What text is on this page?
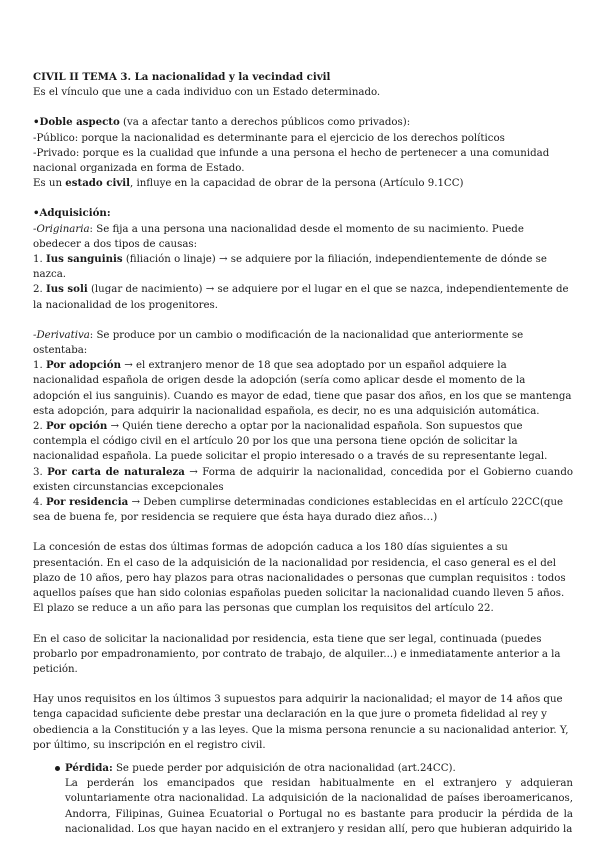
CIVIL II TEMA 3. La nacionalidad y la vecindad civil

Es el vínculo que une a cada individuo con un Estado determinado.

•Doble aspecto (va a afectar tanto a derechos públicos como privados):

-Público: porque la nacionalidad es determinante para el ejercicio de los derechos políticos

-Privado: porque es la cualidad que infunde a una persona el hecho de pertenecer a una comunidad nacional organizada en forma de Estado.

Es un estado civil, influye en la capacidad de obrar de la persona (Artículo 9.1CC)

•Adquisición:

-Originaria: Se fija a una persona una nacionalidad desde el momento de su nacimiento. Puede obedecer a dos tipos de causas:

1. Ius sanguinis (filiación o linaje) → se adquiere por la filiación, independientemente de dónde se nazca.

2. Ius soli (lugar de nacimiento) → se adquiere por el lugar en el que se nazca, independientemente de la nacionalidad de los progenitores.

-Derivativa: Se produce por un cambio o modificación de la nacionalidad que anteriormente se ostentaba:

1. Por adopción → el extranjero menor de 18 que sea adoptado por un español adquiere la nacionalidad española de origen desde la adopción (sería como aplicar desde el momento de la adopción el ius sanguinis). Cuando es mayor de edad, tiene que pasar dos años, en los que se mantenga esta adopción, para adquirir la nacionalidad española, es decir, no es una adquisición automática.

2. Por opción → Quién tiene derecho a optar por la nacionalidad española. Son supuestos que contempla el código civil en el artículo 20 por los que una persona tiene opción de solicitar la nacionalidad española. La puede solicitar el propio interesado o a través de su representante legal.

3. Por carta de naturaleza → Forma de adquirir la nacionalidad, concedida por el Gobierno cuando existen circunstancias excepcionales

4. Por residencia → Deben cumplirse determinadas condiciones establecidas en el artículo 22CC(que sea de buena fe, por residencia se requiere que ésta haya durado diez años…)

La concesión de estas dos últimas formas de adopción caduca a los 180 días siguientes a su presentación. En el caso de la adquisición de la nacionalidad por residencia, el caso general es el del plazo de 10 años, pero hay plazos para otras nacionalidades o personas que cumplan requisitos : todos aquellos países que han sido colonias españolas pueden solicitar la nacionalidad cuando lleven 5 años. El plazo se reduce a un año para las personas que cumplan los requisitos del artículo 22.

En el caso de solicitar la nacionalidad por residencia, esta tiene que ser legal, continuada (puedes probarlo por empadronamiento, por contrato de trabajo, de alquiler...) e inmediatamente anterior a la petición.

Hay unos requisitos en los últimos 3 supuestos para adquirir la nacionalidad; el mayor de 14 años que tenga capacidad suficiente debe prestar una declaración en la que jure o prometa fidelidad al rey y obediencia a la Constitución y a las leyes. Que la misma persona renuncie a su nacionalidad anterior. Y, por último, su inscripción en el registro civil.

Pérdida: Se puede perder por adquisición de otra nacionalidad (art.24CC).

La perderán los emancipados que residan habitualmente en el extranjero y adquieran voluntariamente otra nacionalidad. La adquisición de la nacionalidad de países iberoamericanos, Andorra, Filipinas, Guinea Ecuatorial o Portugal no es bastante para producir la pérdida de la nacionalidad. Los que hayan nacido en el extranjero y residan allí, pero que hubieran adquirido la
